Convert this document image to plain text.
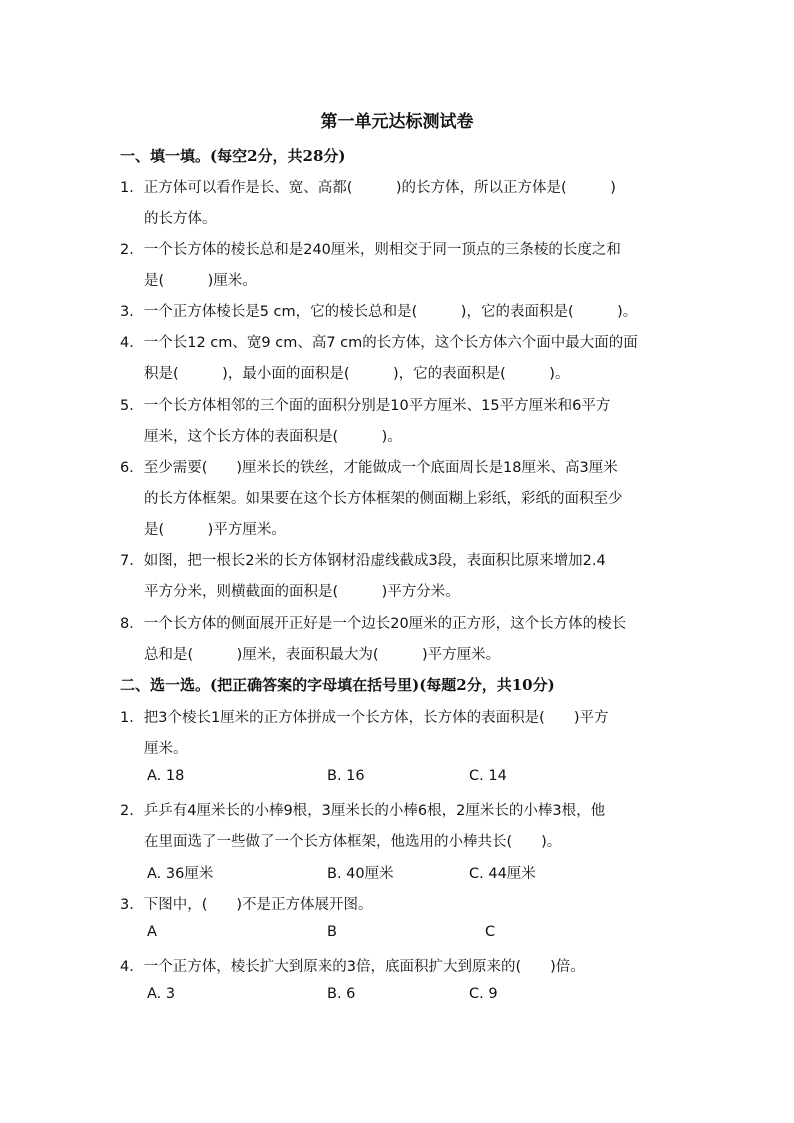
第一单元达标测试卷
一、填一填。(每空2分，共28分)
1．正方体可以看作是长、宽、高都(　　　)的长方体，所以正方体是(　　　)
的长方体。
2．一个长方体的棱长总和是240厘米，则相交于同一顶点的三条棱的长度之和
是(　　　)厘米。
3．一个正方体棱长是5 cm，它的棱长总和是(　　　)，它的表面积是(　　　)。
4．一个长12 cm、宽9 cm、高7 cm的长方体，这个长方体六个面中最大面的面
积是(　　　)，最小面的面积是(　　　)，它的表面积是(　　　)。
5．一个长方体相邻的三个面的面积分别是10平方厘米、15平方厘米和6平方
厘米，这个长方体的表面积是(　　　)。
6．至少需要(　　)厘米长的铁丝，才能做成一个底面周长是18厘米、高3厘米
的长方体框架。如果要在这个长方体框架的侧面糊上彩纸，彩纸的面积至少
是(　　　)平方厘米。
7．如图，把一根长2米的长方体钢材沿虚线截成3段，表面积比原来增加2.4
平方分米，则横截面的面积是(　　　)平方分米。
8．一个长方体的侧面展开正好是一个边长20厘米的正方形，这个长方体的棱长
总和是(　　　)厘米，表面积最大为(　　　)平方厘米。
二、选一选。(把正确答案的字母填在括号里)(每题2分，共10分)
1．把3个棱长1厘米的正方体拼成一个长方体，长方体的表面积是(　　)平方
厘米。
A. 18	B. 16	C. 14
2．乒乒有4厘米长的小棒9根，3厘米长的小棒6根，2厘米长的小棒3根，他
在里面选了一些做了一个长方体框架，他选用的小棒共长(　　)。
A. 36厘米	B. 40厘米	C. 44厘米
3．下图中，(　　)不是正方体展开图。
A	B	C
4．一个正方体，棱长扩大到原来的3倍，底面积扩大到原来的(　　)倍。
A. 3	B. 6	C. 9
